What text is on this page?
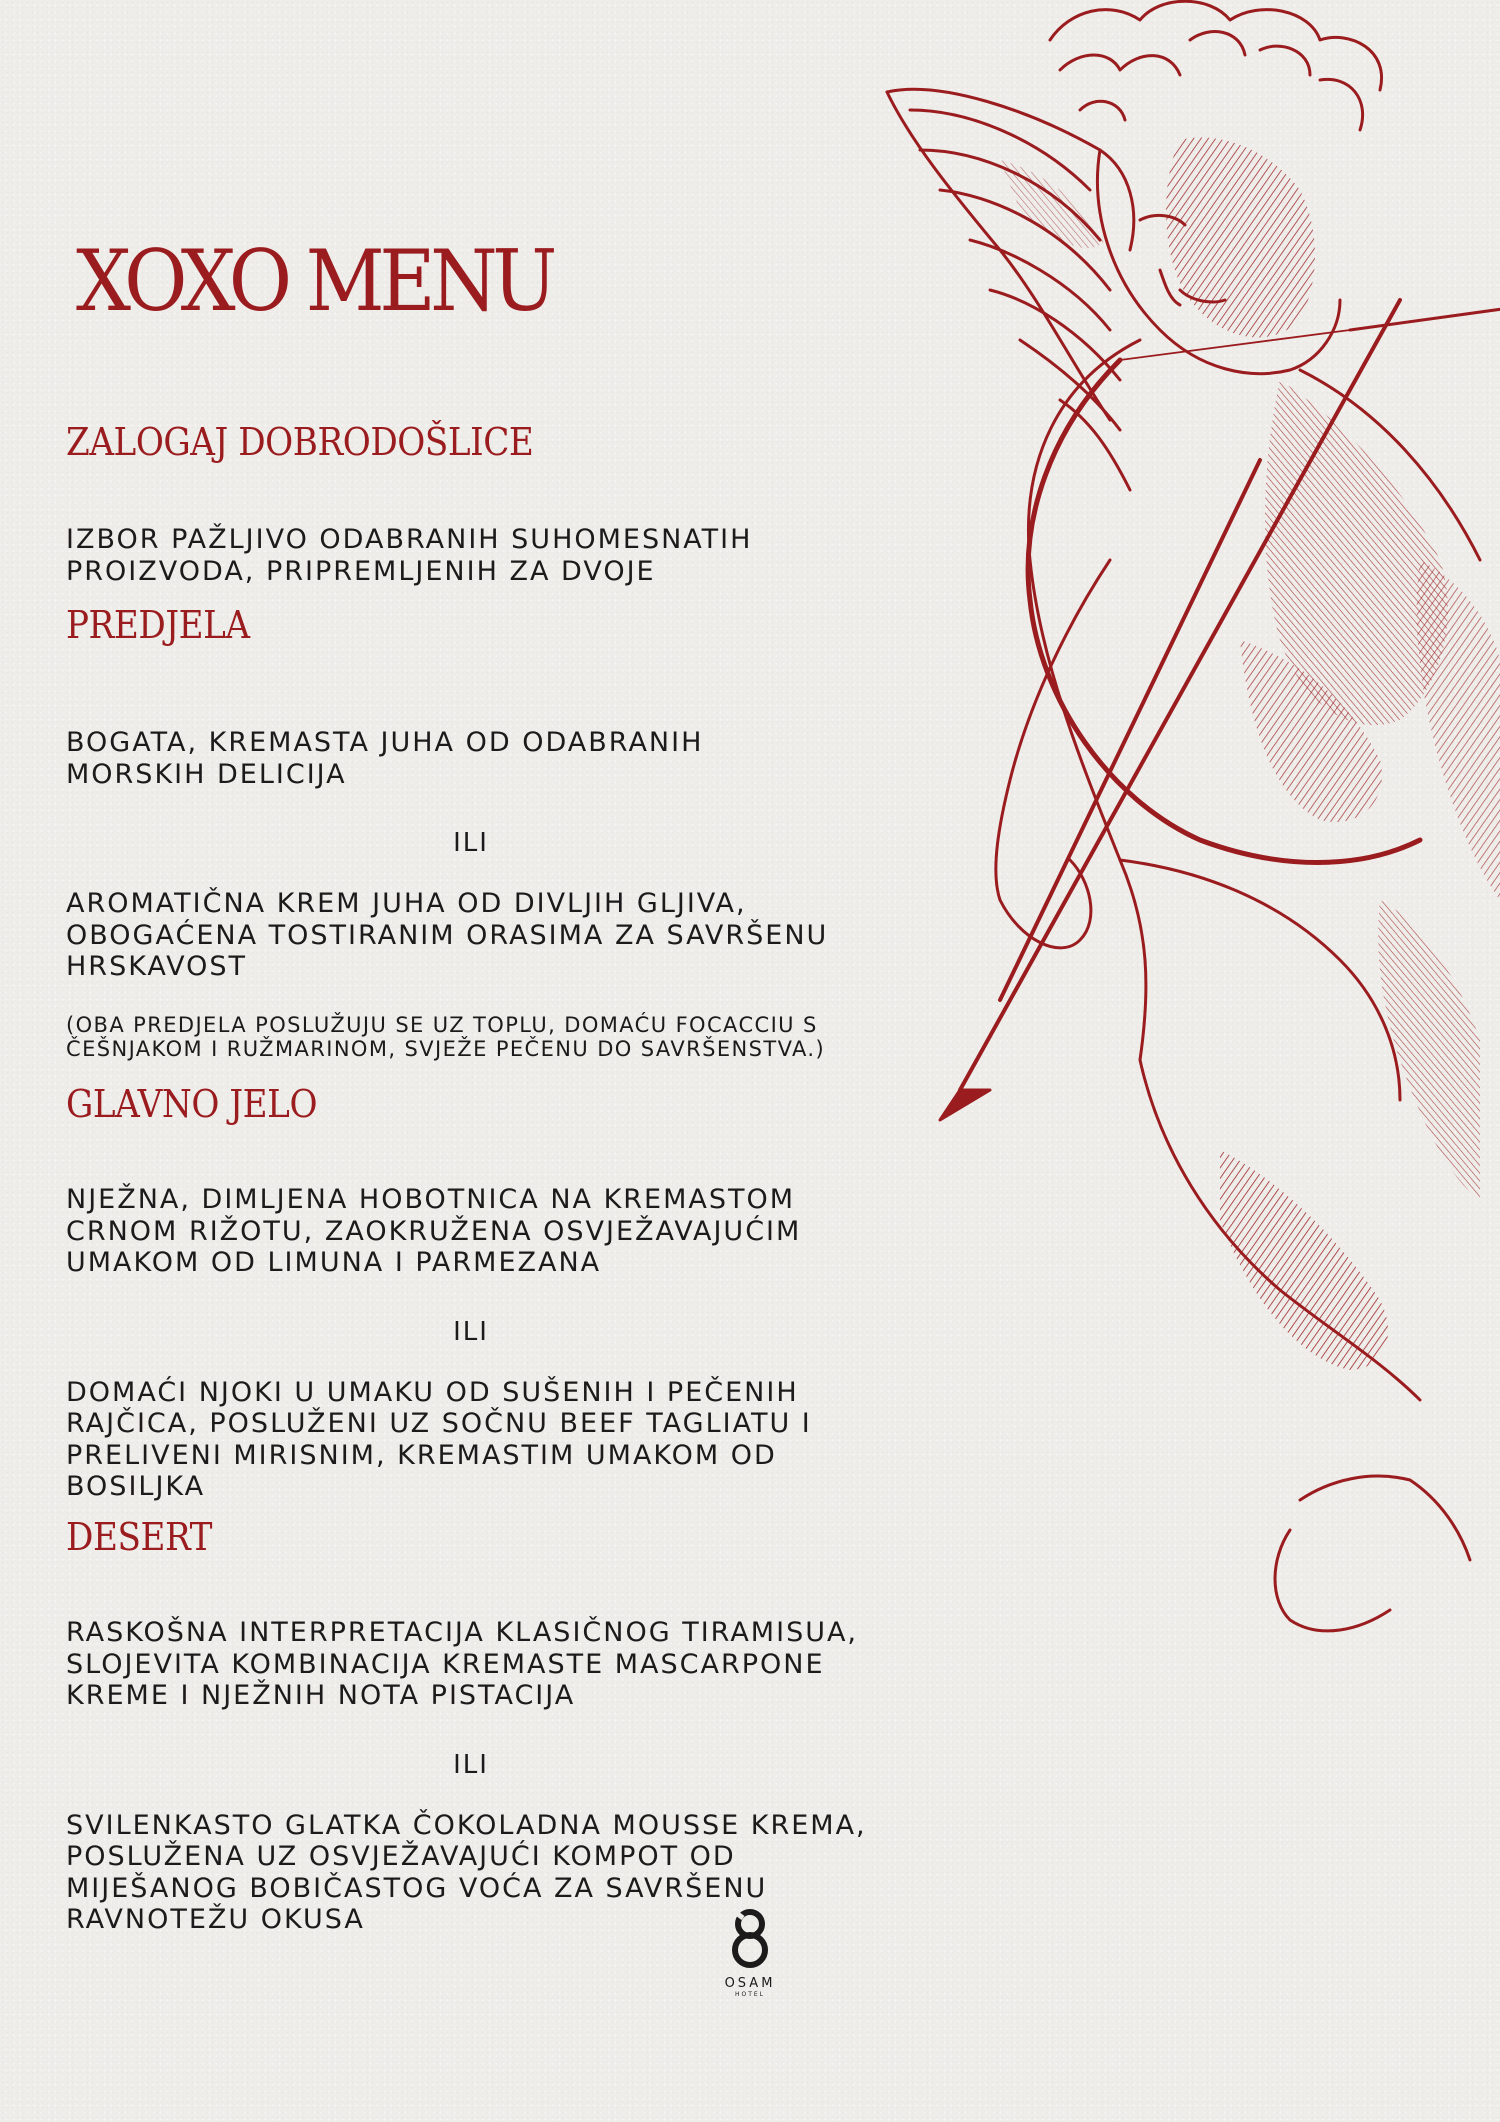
XOXO MENU
ZALOGAJ DOBRODOŠLICE

IZBOR PAŽLJIVO ODABRANIH SUHOMESNATIH PROIZVODA, PRIPREMLJENIH ZA DVOJE

PREDJELA

BOGATA, KREMASTA JUHA OD ODABRANIH MORSKIH DELICIJA

ILI

AROMATIČNA KREM JUHA OD DIVLJIH GLJIVA, OBOGAĆENA TOSTIRANIM ORASIMA ZA SAVRŠENU HRSKAVOST

(OBA PREDJELA POSLUŽUJU SE UZ TOPLU, DOMAĆU FOCACCIU S ČEŠNJAKOM I RUŽMARINOM, SVJEŽE PEČENU DO SAVRŠENSTVA.)

GLAVNO JELO

NJEŽNA, DIMLJENA HOBOTNICA NA KREMASTOM CRNOM RIŽOTU, ZAOKRUŽENA OSVJEŽAVAJUĆIM UMAKOM OD LIMUNA I PARMEZANA

ILI

DOMAĆI NJOKI U UMAKU OD SUŠENIH I PEČENIH RAJČICA, POSLUŽENI UZ SOČNU BEEF TAGLIATU I PRELIVENI MIRISNIM, KREMASTIM UMAKOM OD BOSILJKA

DESERT

RASKOŠNA INTERPRETACIJA KLASIČNOG TIRAMISUA, SLOJEVITA KOMBINACIJA KREMASTE MASCARPONE KREME I NJEŽNIH NOTA PISTACIJA

ILI

SVILENKASTO GLATKA ČOKOLADNA MOUSSE KREMA, POSLUŽENA UZ OSVJEŽAVAJUĆI KOMPOT OD MIJEŠANOG BOBIČASTOG VOĆA ZA SAVRŠENU RAVNOTEŽU OKUSA

OSAM
HOTEL
